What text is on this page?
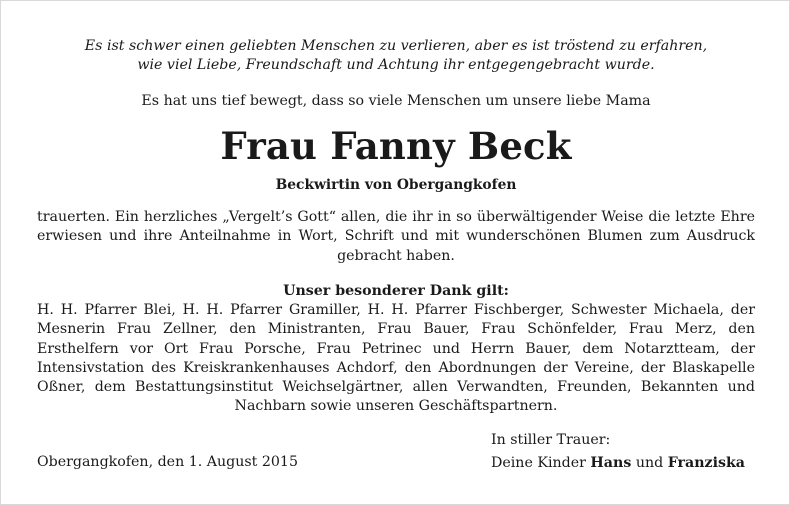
Es ist schwer einen geliebten Menschen zu verlieren, aber es ist tröstend zu erfahren,
wie viel Liebe, Freundschaft und Achtung ihr entgegengebracht wurde.
Es hat uns tief bewegt, dass so viele Menschen um unsere liebe Mama
Frau Fanny Beck
Beckwirtin von Obergangkofen
trauerten. Ein herzliches „Vergelt’s Gott“ allen, die ihr in so überwältigender Weise die letzte Ehre erwiesen und ihre Anteilnahme in Wort, Schrift und mit wunderschönen Blumen zum Ausdruck gebracht haben.
Unser besonderer Dank gilt:
H. H. Pfarrer Blei, H. H. Pfarrer Gramiller, H. H. Pfarrer Fischberger, Schwester Michaela, der Mesnerin Frau Zellner, den Ministranten, Frau Bauer, Frau Schönfelder, Frau Merz, den Ersthelfern vor Ort Frau Porsche, Frau Petrinec und Herrn Bauer, dem Notarztteam, der Intensivstation des Kreiskrankenhauses Achdorf, den Abordnungen der Vereine, der Blaskapelle Oßner, dem Bestattungsinstitut Weichselgärtner, allen Verwandten, Freunden, Bekannten und Nachbarn sowie unseren Geschäftspartnern.
Obergangkofen, den 1. August 2015
In stiller Trauer:
Deine Kinder Hans und Franziska
